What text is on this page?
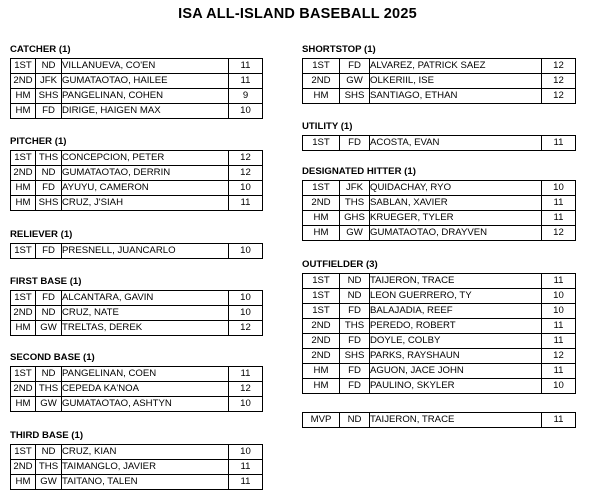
ISA ALL-ISLAND BASEBALL 2025
CATCHER (1)
1ST	ND	VILLANUEVA, CO'EN	11
2ND	JFK	GUMATAOTAO, HAILEE	11
HM	SHS	PANGELINAN, COHEN	9
HM	FD	DIRIGE, HAIGEN MAX	10
PITCHER (1)
1ST	THS	CONCEPCION, PETER	12
2ND	ND	GUMATAOTAO, DERRIN	12
HM	FD	AYUYU, CAMERON	10
HM	SHS	CRUZ, J'SIAH	11
RELIEVER (1)
1ST	FD	PRESNELL, JUANCARLO	10
FIRST BASE (1)
1ST	FD	ALCANTARA, GAVIN	10
2ND	ND	CRUZ, NATE	10
HM	GW	TRELTAS, DEREK	12
SECOND BASE (1)
1ST	ND	PANGELINAN, COEN	11
2ND	THS	CEPEDA KA'NOA	12
HM	GW	GUMATAOTAO, ASHTYN	10
THIRD BASE (1)
1ST	ND	CRUZ, KIAN	10
2ND	THS	TAIMANGLO, JAVIER	11
HM	GW	TAITANO, TALEN	11
SHORTSTOP (1)
1ST	FD	ALVAREZ, PATRICK SAEZ	12
2ND	GW	OLKERIIL, ISE	12
HM	SHS	SANTIAGO, ETHAN	12
UTILITY (1)
1ST	FD	ACOSTA, EVAN	11
DESIGNATED HITTER (1)
1ST	JFK	QUIDACHAY, RYO	10
2ND	THS	SABLAN, XAVIER	11
HM	GHS	KRUEGER, TYLER	11
HM	GW	GUMATAOTAO, DRAYVEN	12
OUTFIELDER (3)
1ST	ND	TAIJERON, TRACE	11
1ST	ND	LEON GUERRERO, TY	10
1ST	FD	BALAJADIA, REEF	10
2ND	THS	PEREDO, ROBERT	11
2ND	FD	DOYLE, COLBY	11
2ND	SHS	PARKS, RAYSHAUN	12
HM	FD	AGUON, JACE JOHN	11
HM	FD	PAULINO, SKYLER	10
MVP	ND	TAIJERON, TRACE	11
